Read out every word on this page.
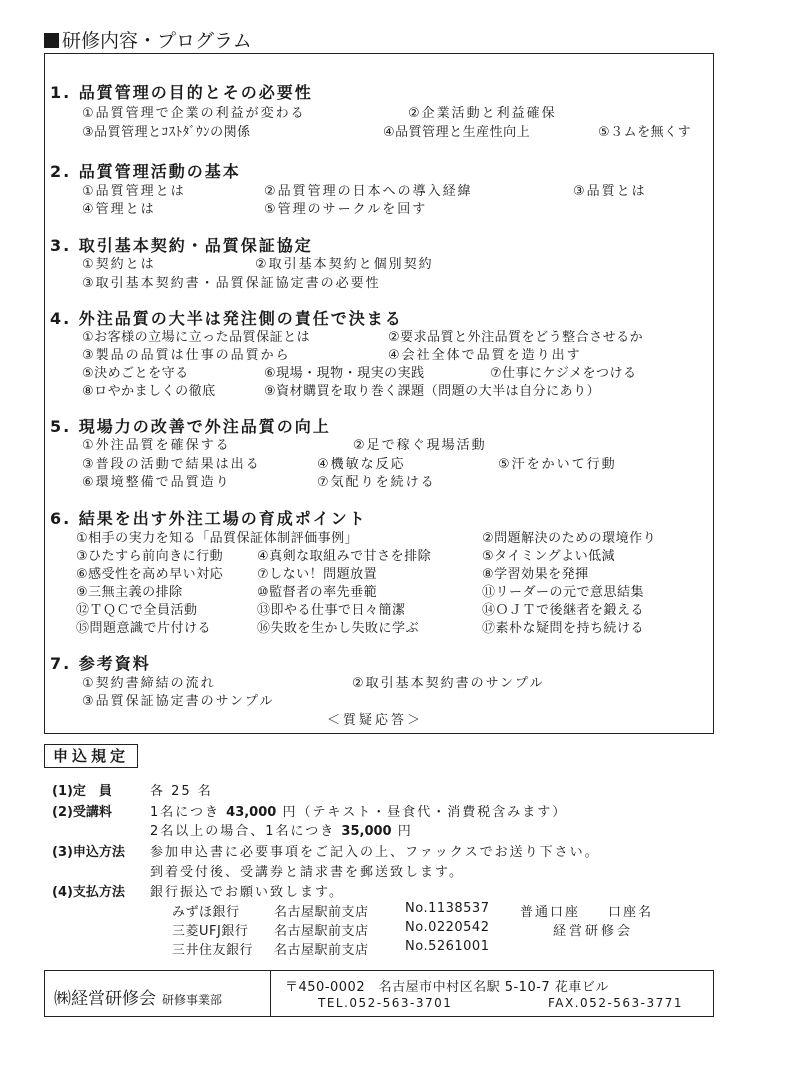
研修内容・プログラム
1. 品質管理の目的とその必要性
①品質管理で企業の利益が変わる	②企業活動と利益確保
③品質管理とｺｽﾄﾀﾞｳﾝの関係	④品質管理と生産性向上	⑤３ムを無くす
2. 品質管理活動の基本
①品質管理とは	②品質管理の日本への導入経緯	③品質とは
④管理とは	⑤管理のサークルを回す
3. 取引基本契約・品質保証協定
①契約とは	②取引基本契約と個別契約
③取引基本契約書・品質保証協定書の必要性
4. 外注品質の大半は発注側の責任で決まる
①お客様の立場に立った品質保証とは	②要求品質と外注品質をどう整合させるか
③製品の品質は仕事の品質から	④会社全体で品質を造り出す
⑤決めごとを守る	⑥現場・現物・現実の実践	⑦仕事にケジメをつける
⑧ロやかましくの徹底	⑨資材購買を取り巻く課題（問題の大半は自分にあり）
5. 現場力の改善で外注品質の向上
①外注品質を確保する	②足で稼ぐ現場活動
③普段の活動で結果は出る	④機敏な反応	⑤汗をかいて行動
⑥環境整備で品質造り	⑦気配りを続ける
6. 結果を出す外注工場の育成ポイント
①相手の実力を知る「品質保証体制評価事例」	②問題解決のための環境作り
③ひたすら前向きに行動	④真剣な取組みで甘さを排除	⑤タイミングよい低減
⑥感受性を高め早い対応	⑦しない！問題放置	⑧学習効果を発揮
⑨三無主義の排除	⑩監督者の率先垂範	⑪リーダーの元で意思結集
⑫ＴＱＣで全員活動	⑬即やる仕事で日々簡潔	⑭ＯＪＴで後継者を鍛える
⑮問題意識で片付ける	⑯失敗を生かし失敗に学ぶ	⑰素朴な疑問を持ち続ける
7. 参考資料
①契約書締結の流れ	②取引基本契約書のサンプル
③品質保証協定書のサンプル
＜質疑応答＞
申込規定
(1)定　員	各 25 名
(2)受講料	1名につき 43,000 円（テキスト・昼食代・消費税含みます）
2名以上の場合、1名につき 35,000 円
(3)申込方法 参加申込書に必要事項をご記入の上、ファックスでお送り下さい。
到着受付後、受講券と請求書を郵送致します。
(4)支払方法 銀行振込でお願い致します。
みずほ銀行	名古屋駅前支店	No.1138537 普通口座 口座名
三菱UFJ銀行 名古屋駅前支店	No.0220542	経営研修会
三井住友銀行 名古屋駅前支店	No.5261001
㈱経営研修会 研修事業部
〒450-0002　名古屋市中村区名駅 5-10-7 花車ビル
TEL.052-563-3701	FAX.052-563-3771
